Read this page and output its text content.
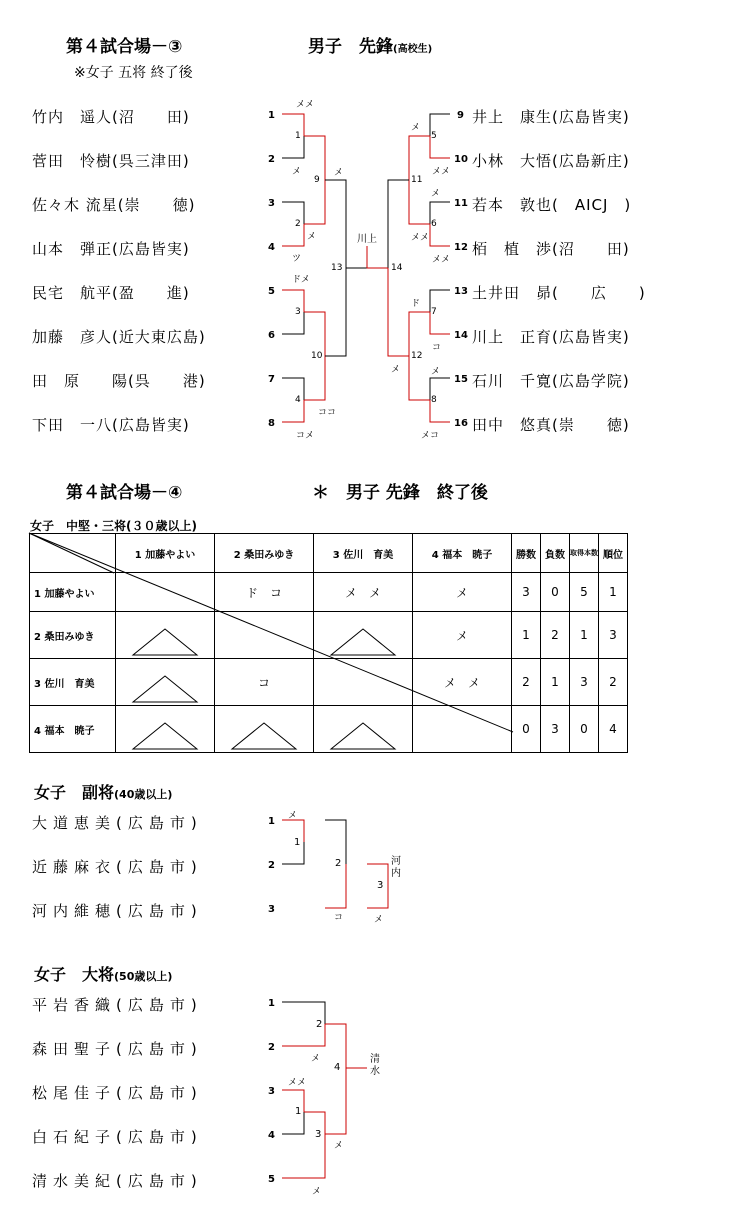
第４試合場－③	男子　先鋒(高校生)
※女子 五将 終了後
竹内　遥人(沼　　田)
菅田　怜樹(呉三津田)
佐々木 流星(崇　　徳)
山本　弾正(広島皆実)
民宅　航平(盈　　進)
加藤　彦人(近大東広島)
田　原　　陽(呉　　港)
下田　一八(広島皆実)
1
2
3
4
5
6
7
8
9
10
11
12
13
14
15
16
井上　康生(広島皆実)
小林　大悟(広島新庄)
若本　敦也(　AICJ　)
栢　植　渉(沼　　田)
土井田　昴(　　広　　)
川上　正育(広島皆実)
石川　千寛(広島学院)
田中　悠真(崇　　徳)
1
2
3
4
9
10
13	14
5
6
7
8
11
12
メメ
メ
ツ
メ
ドメ
ココ
コメ
メ
メ
メメ
メ
メメ
メメ
ド
コ
メ	メ
メコ
川上
第４試合場－④	＊　男子 先鋒　終了後
女子　中堅・三将(３０歳以上)
	1 加藤やよい	2 桑田みゆき	3 佐川　育美	4 福本　暁子	勝数	負数	取得本数	順位
1 加藤やよい		ド　コ	メ　メ	メ	3	0	5	1
2 桑田みゆき				メ	1	2	1	3
3 佐川　育美		コ		メ　メ	2	1	3	2
4 福本　暁子					0	3	0	4
女子　副将(40歳以上)
大道恵美(広島市)
近藤麻衣(広島市)
河内維穂(広島市)
1
2
3
1
2
3
メ
コ	メ
河内
女子　大将(50歳以上)
平岩香織(広島市)
森田聖子(広島市)
松尾佳子(広島市)
白石紀子(広島市)
清水美紀(広島市)
1
2
3
4
5
2
1
3
4
メ
メメ
メ
メ
清水
